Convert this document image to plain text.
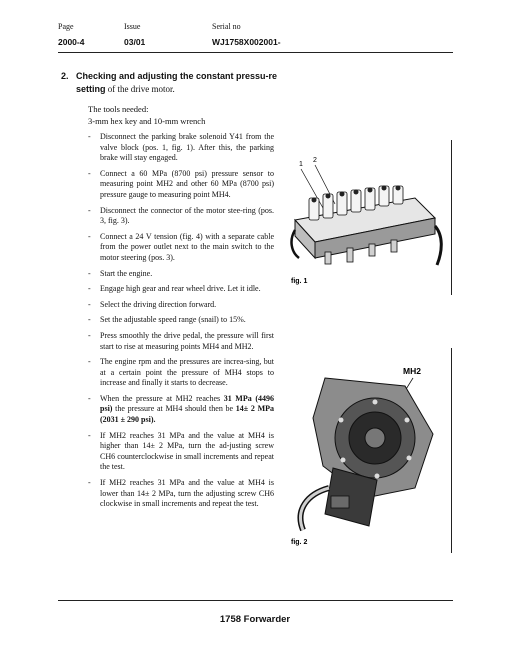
Page	Issue	Serial no
2000-4	03/01	WJ1758X002001-
2. Checking and adjusting the constant pressu-re setting of the drive motor.
The tools needed:
3-mm hex key and 10-mm wrench
- Disconnect the parking brake solenoid Y41 from the valve block (pos. 1, fig. 1). After this, the parking brake will stay engaged.
- Connect a 60 MPa (8700 psi) pressure sensor to measuring point MH2 and other 60 MPa (8700 psi) pressure gauge to measuring point MH4.
- Disconnect the connector of the motor stee-ring (pos. 3, fig. 3).
- Connect a 24 V tension (fig. 4) with a separate cable from the power outlet next to the main switch to the motor steering (pos. 3).
- Start the engine.
- Engage high gear and rear wheel drive. Let it idle.
- Select the driving direction forward.
- Set the adjustable speed range (snail) to 15%.
- Press smoothly the drive pedal, the pressure will first start to rise at measuring points MH4 and MH2.
- The engine rpm and the pressures are increa-sing, but at a certain point the pressure of MH4 stops to increase and finally it starts to decrease.
- When the pressure at MH2 reaches 31 MPa (4496 psi) the pressure at MH4 should then be 14± 2 MPa (2031 ± 290 psi).
- If MH2 reaches 31 MPa and the value at MH4 is higher than 14± 2 MPa, turn the ad-justing screw CH6 counterclockwise in small increments and repeat the test.
- If MH2 reaches 31 MPa and the value at MH4 is lower than 14± 2 MPa, turn the adjusting screw CH6 clockwise in small increments and repeat the test.
1
2
fig. 1
MH2
fig. 2
1758 Forwarder
